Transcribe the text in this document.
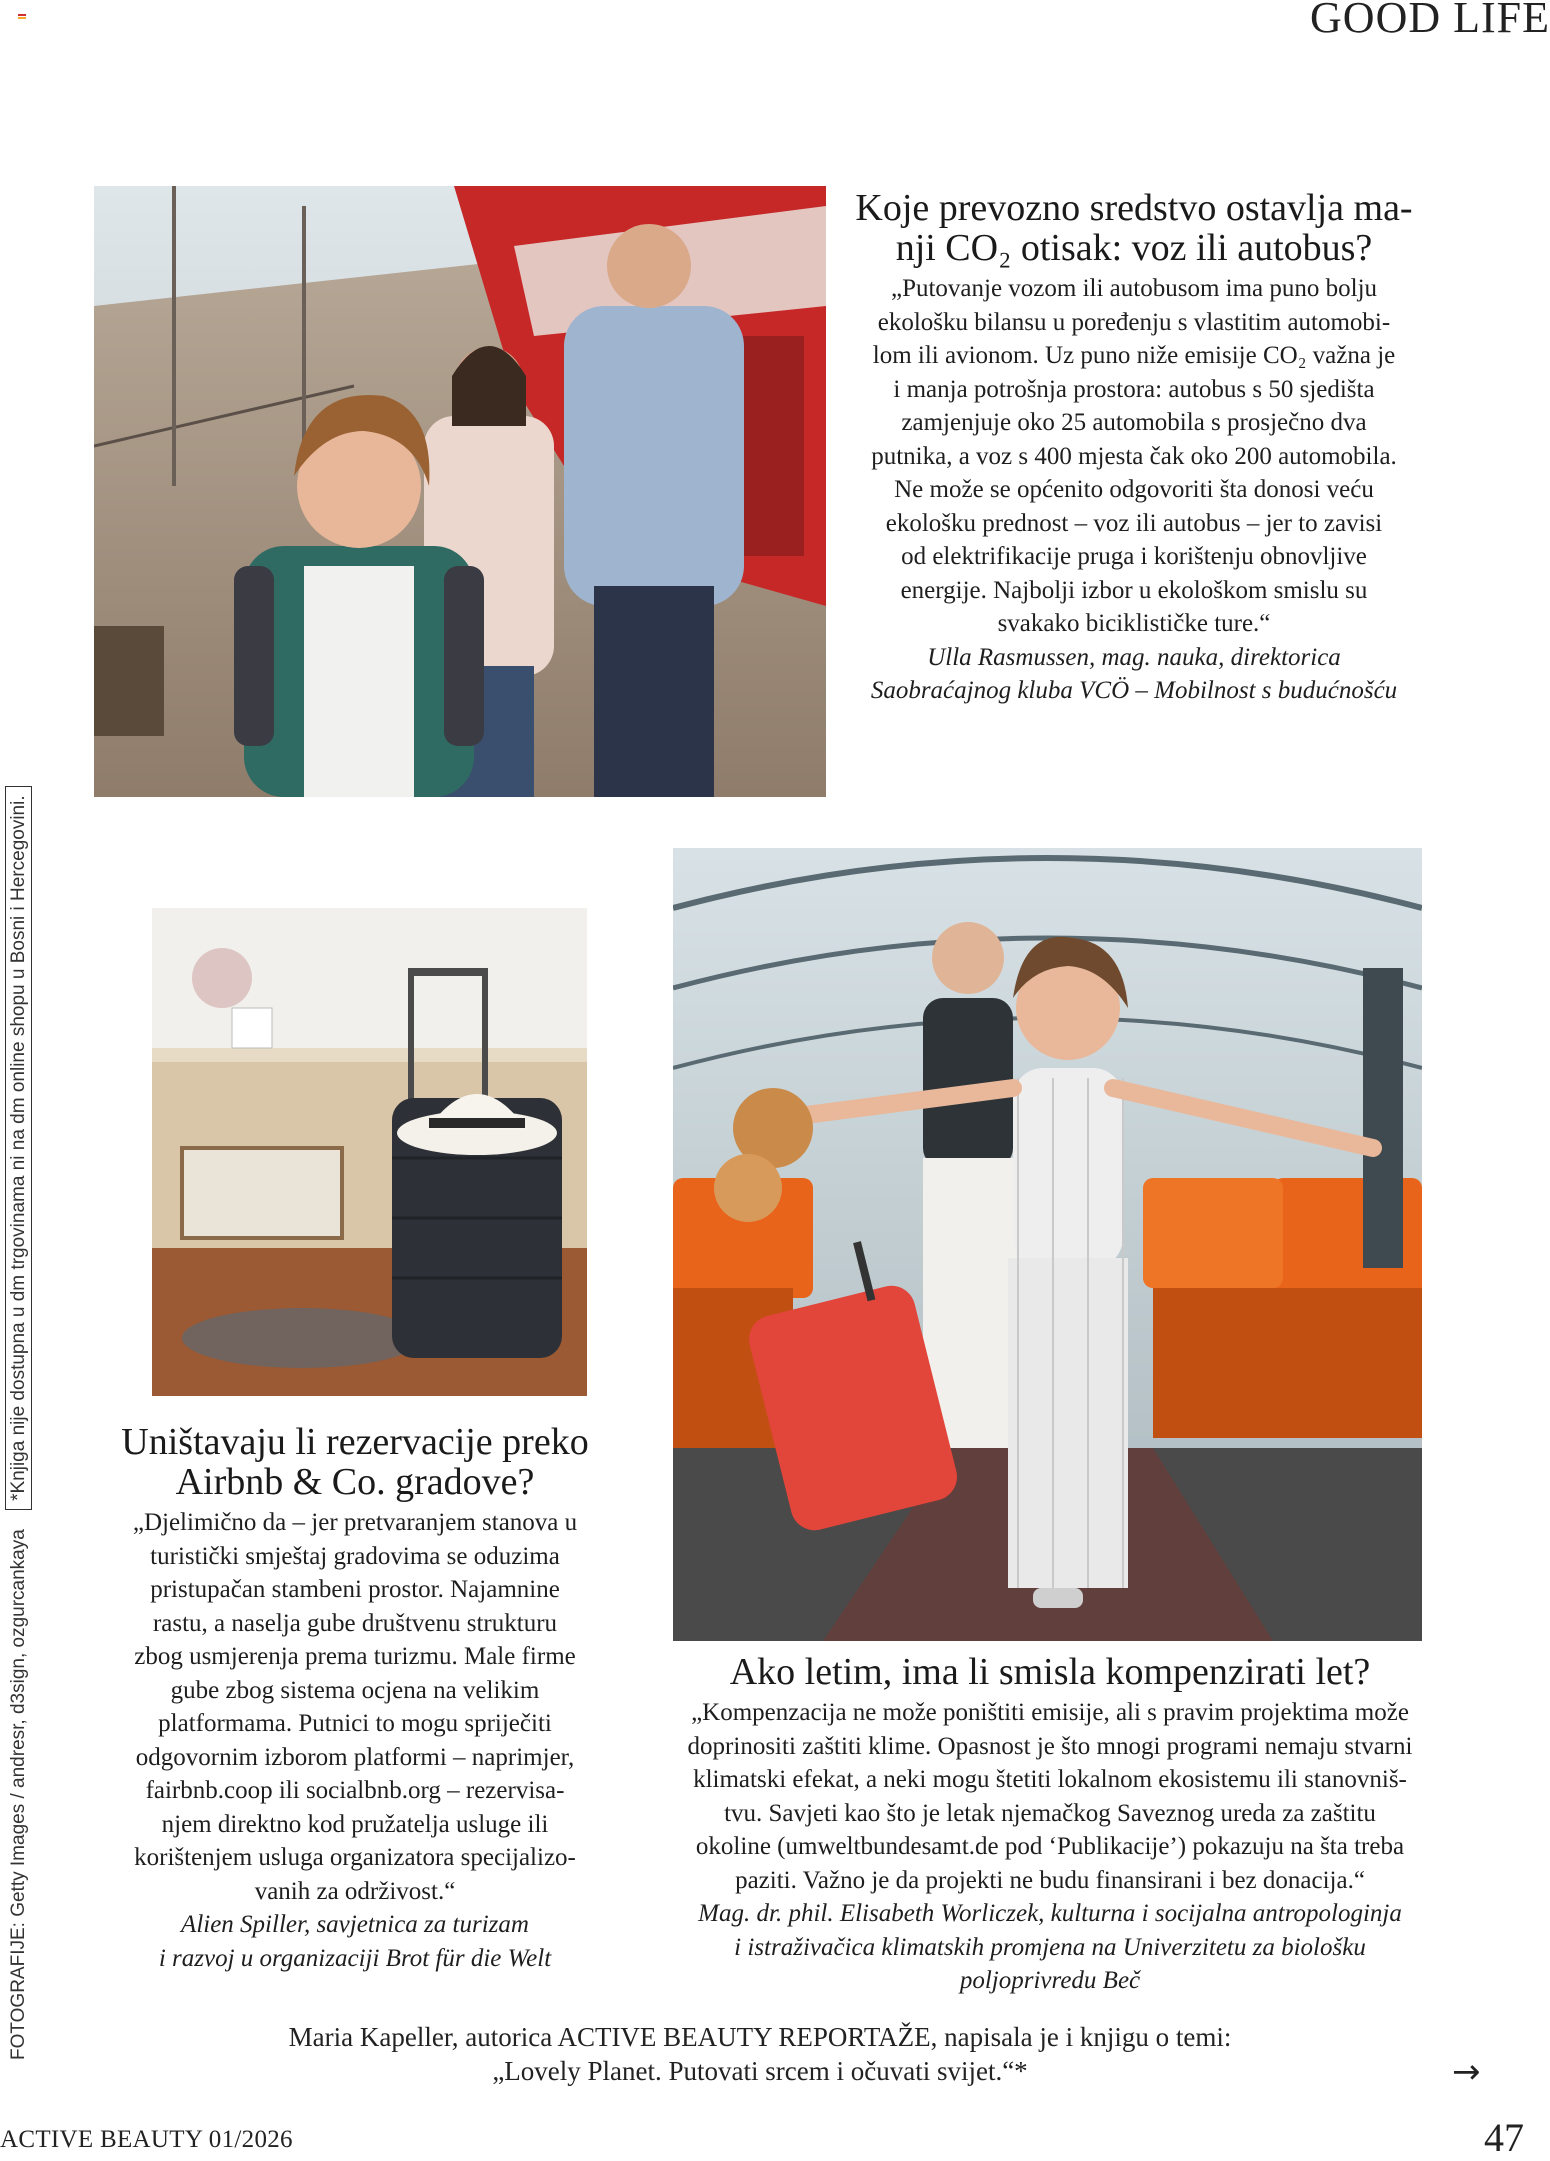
GOOD LIFE
FOTOGRAFIJE: Getty Images / andresr, d3sign, ozgurcankaya *Knjiga nije dostupna u dm trgovinama ni na dm online shopu u Bosni i Hercegovini.
Koje prevozno sredstvo ostavlja ma-
nji CO₂ otisak: voz ili autobus?

„Putovanje vozom ili autobusom ima puno bolju
ekološku bilansu u poređenju s vlastitim automobi-
lom ili avionom. Uz puno niže emisije CO₂ važna je
i manja potrošnja prostora: autobus s 50 sjedišta
zamjenjuje oko 25 automobila s prosječno dva
putnika, a voz s 400 mjesta čak oko 200 automobila.
Ne može se općenito odgovoriti šta donosi veću
ekološku prednost – voz ili autobus – jer to zavisi
od elektrifikacije pruga i korištenju obnovljive
energije. Najbolji izbor u ekološkom smislu su
svakako biciklističke ture.“
Ulla Rasmussen, mag. nauka, direktorica
Saobraćajnog kluba VCÖ – Mobilnost s budućnošću

Uništavaju li rezervacije preko
Airbnb & Co. gradove?

„Djelimično da – jer pretvaranjem stanova u
turistički smještaj gradovima se oduzima
pristupačan stambeni prostor. Najamnine
rastu, a naselja gube društvenu strukturu
zbog usmjerenja prema turizmu. Male firme
gube zbog sistema ocjena na velikim
platformama. Putnici to mogu spriječiti
odgovornim izborom platformi – naprimjer,
fairbnb.coop ili socialbnb.org – rezervisa-
njem direktno kod pružatelja usluge ili
korištenjem usluga organizatora specijalizo-
vanih za održivost.“
Alien Spiller, savjetnica za turizam
i razvoj u organizaciji Brot für die Welt

Ako letim, ima li smisla kompenzirati let?

„Kompenzacija ne može poništiti emisije, ali s pravim projektima može
doprinositi zaštiti klime. Opasnost je što mnogi programi nemaju stvarni
klimatski efekat, a neki mogu štetiti lokalnom ekosistemu ili stanovniš-
tvu. Savjeti kao što je letak njemačkog Saveznog ureda za zaštitu
okoline (umweltbundesamt.de pod ‘Publikacije’) pokazuju na šta treba
paziti. Važno je da projekti ne budu finansirani i bez donacija.“
Mag. dr. phil. Elisabeth Worliczek, kulturna i socijalna antropologinja
i istraživačica klimatskih promjena na Univerzitetu za biološku
poljoprivredu Beč

Maria Kapeller, autorica ACTIVE BEAUTY REPORTAŽE, napisala je i knjigu o temi:
„Lovely Planet. Putovati srcem i očuvati svijet.“*	→
ACTIVE BEAUTY 01/2026	47
